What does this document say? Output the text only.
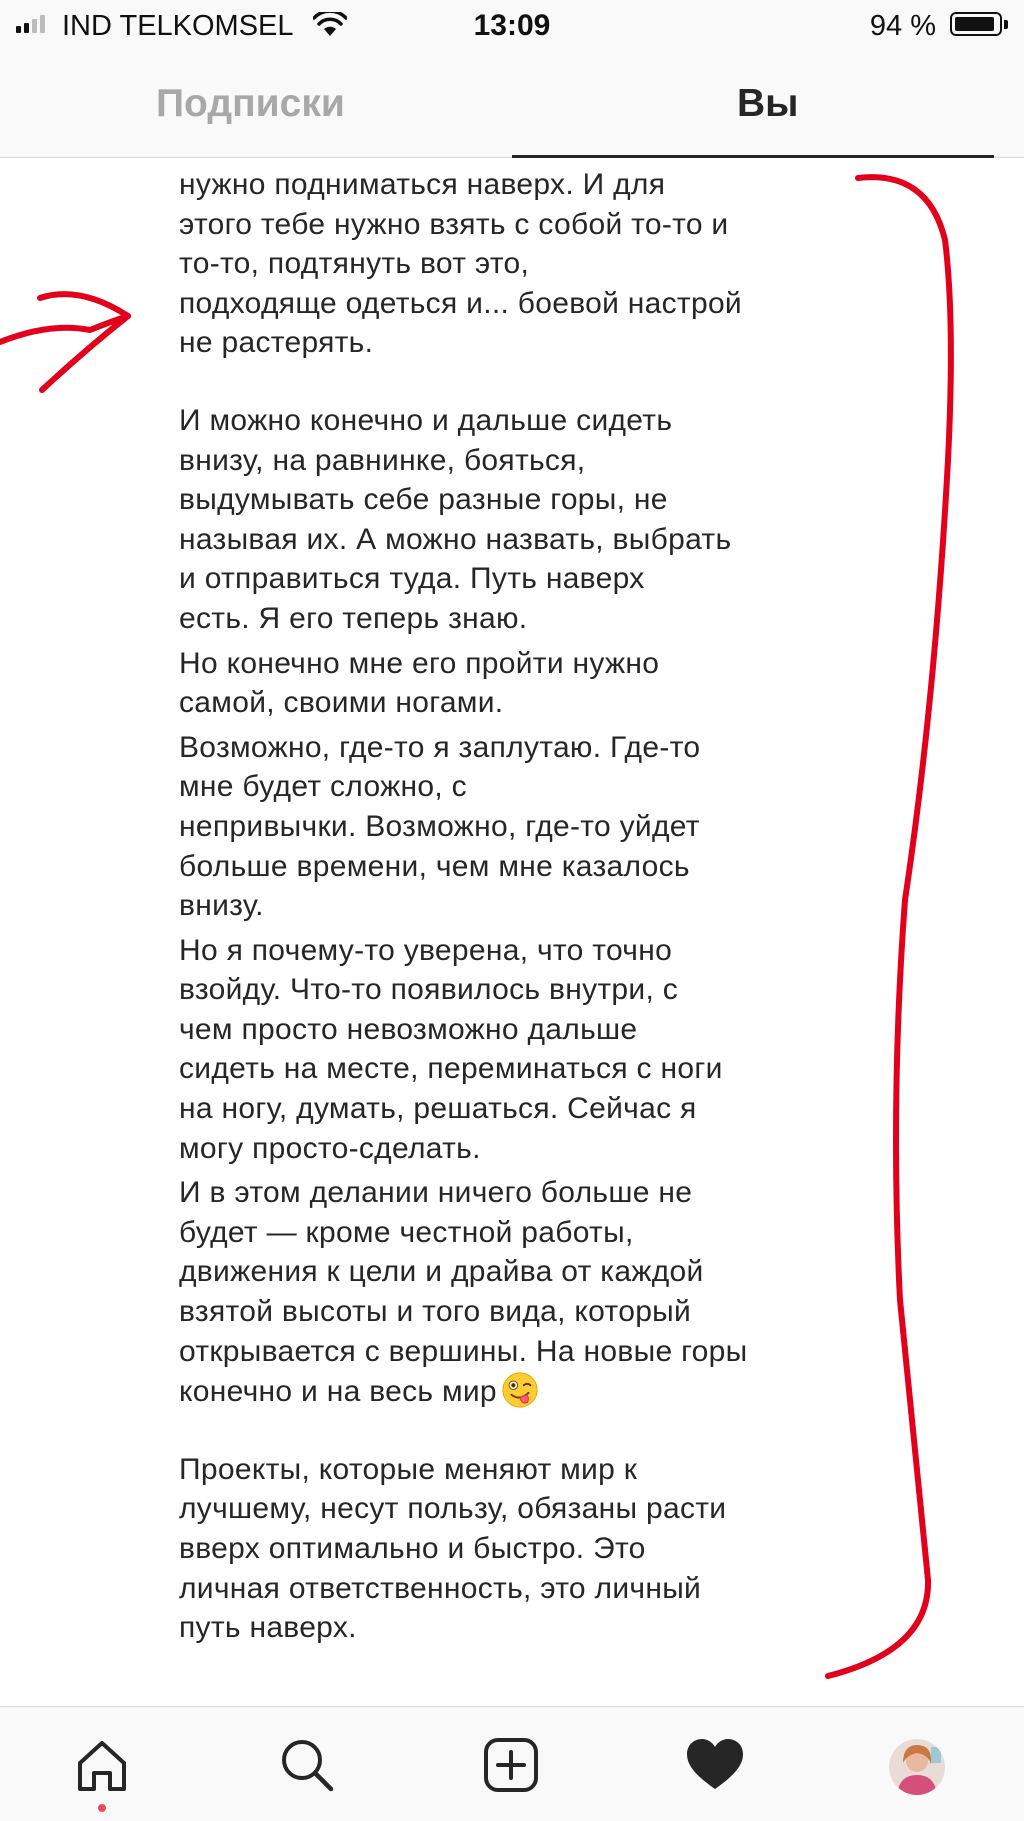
IND TELKOMSEL	13:09	94 %
Подписки	Вы

нужно подниматься наверх. И для
этого тебе нужно взять с собой то-то и
то-то, подтянуть вот это,
подходяще одеться и... боевой настрой
не растерять.

И можно конечно и дальше сидеть
внизу, на равнинке, бояться,
выдумывать себе разные горы, не
называя их. А можно назвать, выбрать
и отправиться туда. Путь наверх
есть. Я его теперь знаю.

Но конечно мне его пройти нужно
самой, своими ногами.

Возможно, где-то я заплутаю. Где-то
мне будет сложно, с
непривычки. Возможно, где-то уйдет
больше времени, чем мне казалось
внизу.

Но я почему-то уверена, что точно
взойду. Что-то появилось внутри, с
чем просто невозможно дальше
сидеть на месте, переминаться с ноги
на ногу, думать, решаться. Сейчас я
могу просто-сделать.

И в этом делании ничего больше не
будет — кроме честной работы,
движения к цели и драйва от каждой
взятой высоты и того вида, который
открывается с вершины. На новые горы
конечно и на весь мир

Проекты, которые меняют мир к
лучшему, несут пользу, обязаны расти
вверх оптимально и быстро. Это
личная ответственность, это личный
путь наверх.
